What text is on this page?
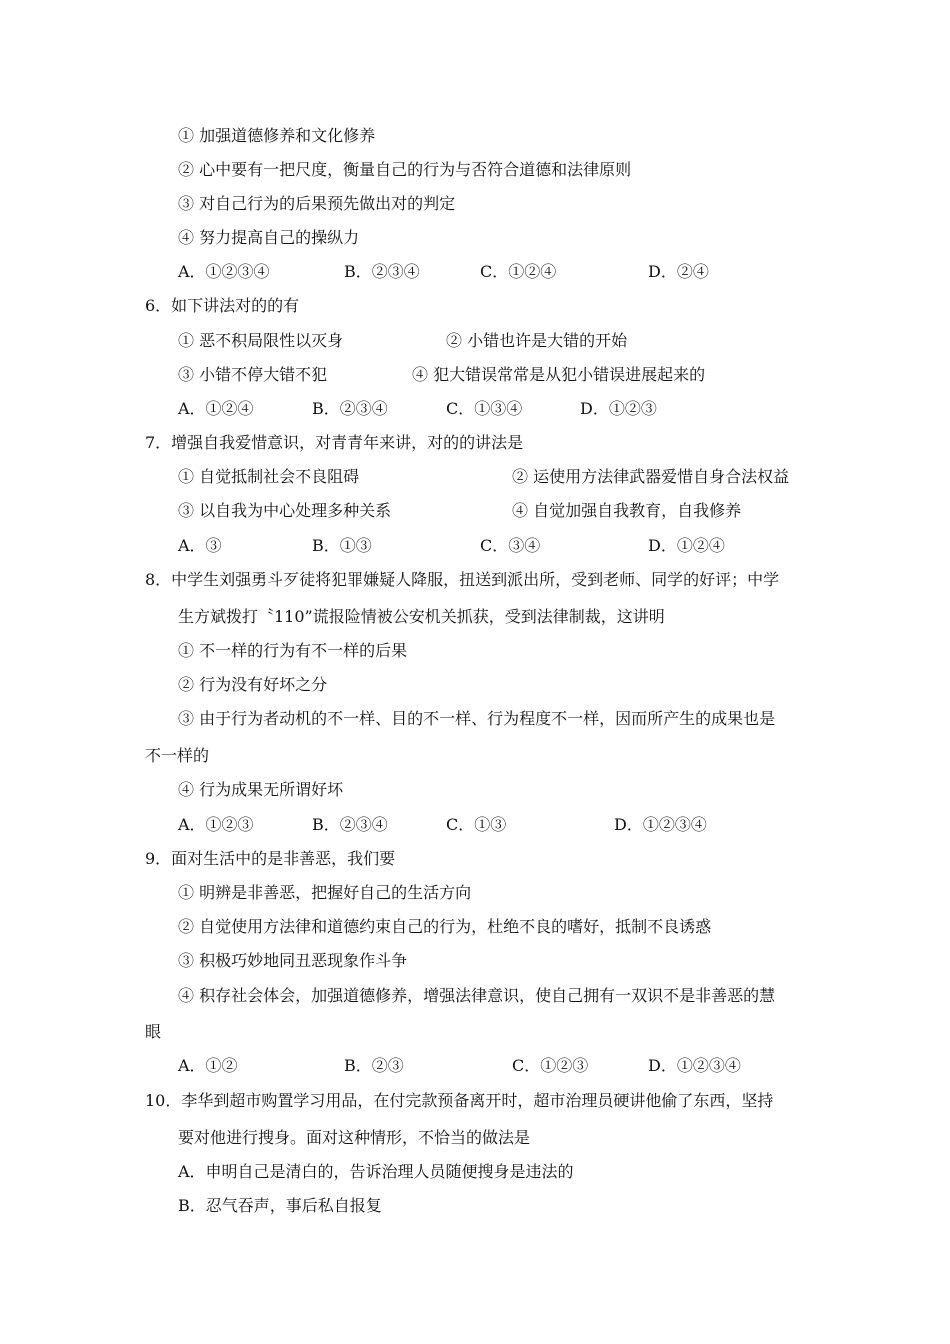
① 加强道德修养和文化修养
② 心中要有一把尺度，衡量自己的行为与否符合道德和法律原则
③ 对自己行为的后果预先做出对的判定
④ 努力提高自己的操纵力
A．①②③④	B．②③④	C．①②④	D．②④
6．如下讲法对的的有
① 恶不积局限性以灭身	② 小错也许是大错的开始
③ 小错不停大错不犯	④ 犯大错误常常是从犯小错误进展起来的
A．①②④	B．②③④	C．①③④	D．①②③
7．增强自我爱惜意识，对青青年来讲，对的的讲法是
① 自觉抵制社会不良阻碍	② 运使用方法律武器爱惜自身合法权益
③ 以自我为中心处理多种关系	④ 自觉加强自我教育，自我修养
A．③	B．①③	C．③④	D．①②④
8．中学生刘强勇斗歹徒将犯罪嫌疑人降服，扭送到派出所，受到老师、同学的好评；中学
生方斌拨打〝110”谎报险情被公安机关抓获，受到法律制裁，这讲明
① 不一样的行为有不一样的后果
② 行为没有好坏之分
③ 由于行为者动机的不一样、目的不一样、行为程度不一样，因而所产生的成果也是
不一样的
④ 行为成果无所谓好坏
A．①②③	B．②③④	C．①③	D．①②③④
9．面对生活中的是非善恶，我们要
① 明辨是非善恶，把握好自己的生活方向
② 自觉使用方法律和道德约束自己的行为，杜绝不良的嗜好，抵制不良诱惑
③ 积极巧妙地同丑恶现象作斗争
④ 积存社会体会，加强道德修养，增强法律意识，使自己拥有一双识不是非善恶的慧
眼
A．①②	B．②③	C．①②③	D．①②③④
10．李华到超市购置学习用品，在付完款预备离开时，超市治理员硬讲他偷了东西，坚持
要对他进行搜身。面对这种情形，不恰当的做法是
A．申明自己是清白的，告诉治理人员随便搜身是违法的
B．忍气吞声，事后私自报复
